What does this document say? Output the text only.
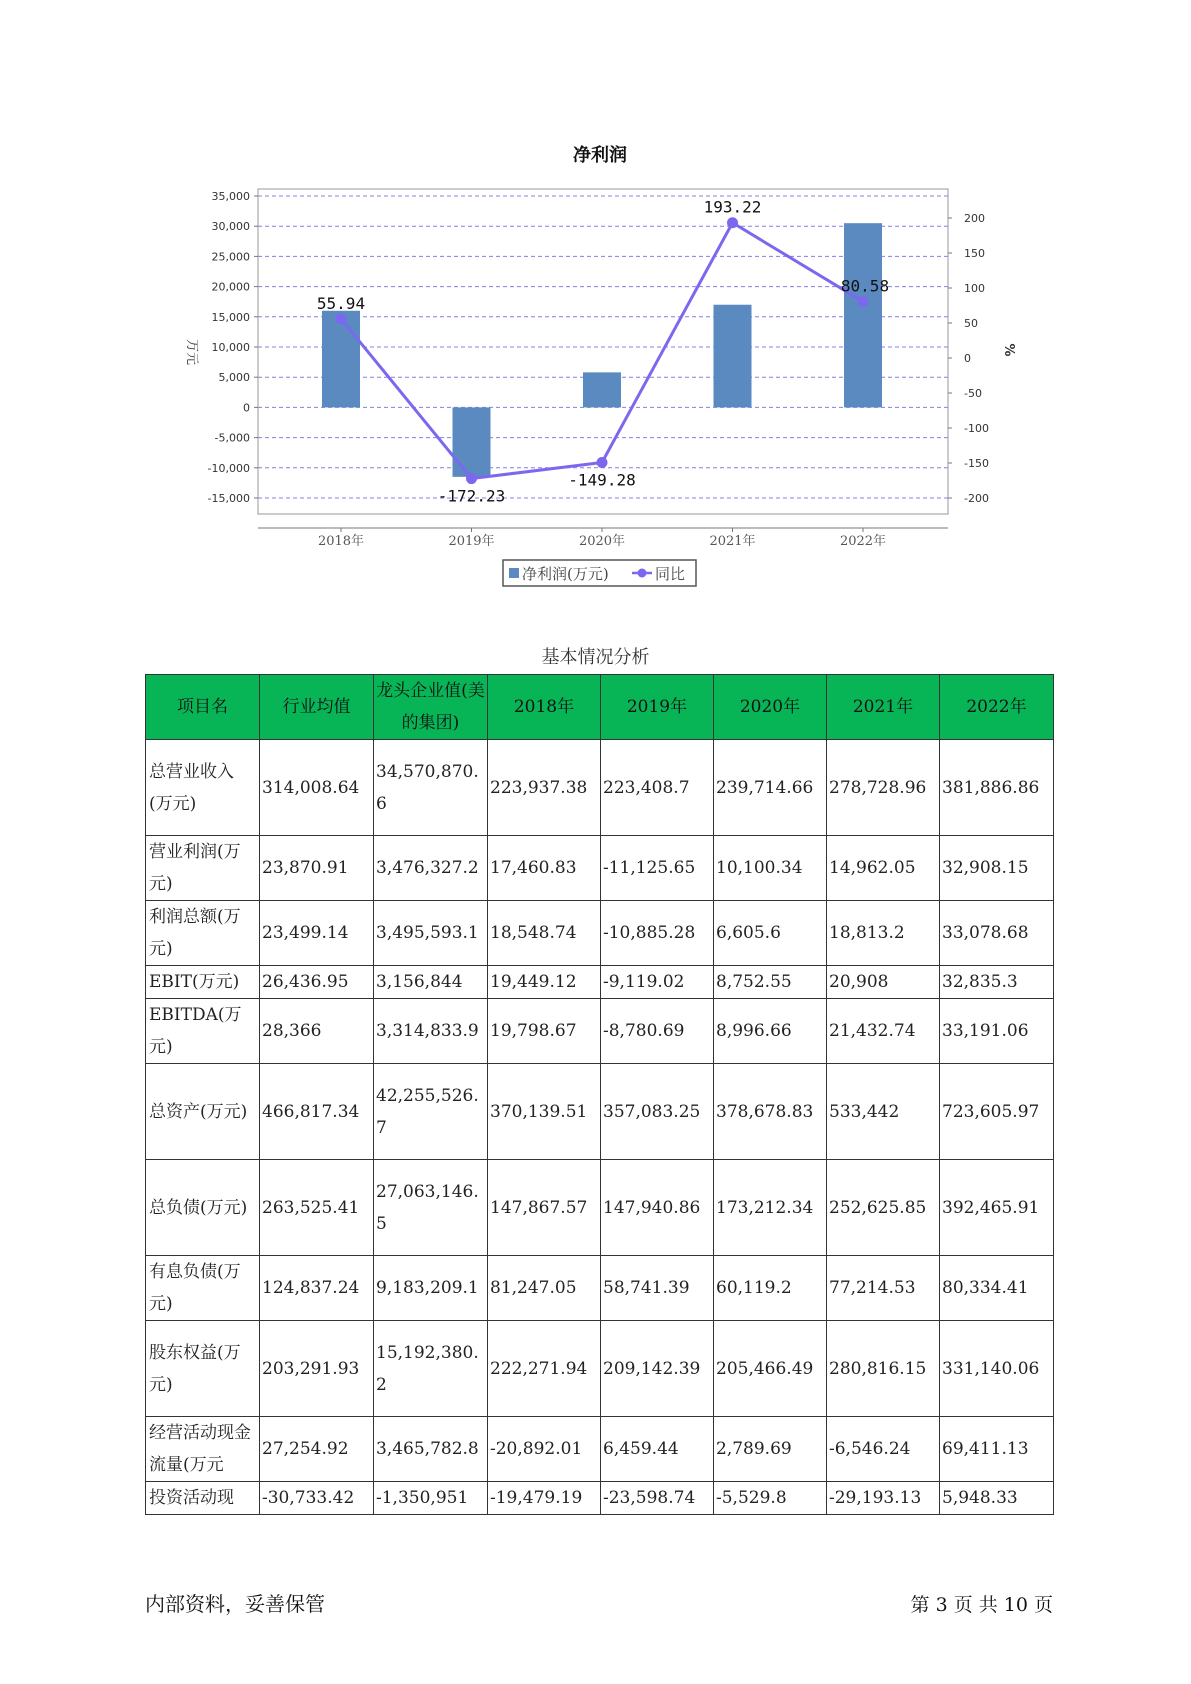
净利润
55.94
-172.23
-149.28
193.22
80.58
35,000
30,000
25,000
20,000
15,000
10,000
5,000
0
-5,000
-10,000
-15,000
200
150
100
50
0
-50
-100
-150
-200
2018年	2019年	2020年	2021年	2022年
万元	%
净利润(万元)	同比
基本情况分析
项目名	行业均值	龙头企业值(美的集团)	2018年	2019年	2020年	2021年	2022年
总营业收入(万元)	314,008.64	34,570,870.6	223,937.38	223,408.7	239,714.66	278,728.96	381,886.86
营业利润(万元)	23,870.91	3,476,327.2	17,460.83	-11,125.65	10,100.34	14,962.05	32,908.15
利润总额(万元)	23,499.14	3,495,593.1	18,548.74	-10,885.28	6,605.6	18,813.2	33,078.68
EBIT(万元)	26,436.95	3,156,844	19,449.12	-9,119.02	8,752.55	20,908	32,835.3
EBITDA(万元)	28,366	3,314,833.9	19,798.67	-8,780.69	8,996.66	21,432.74	33,191.06
总资产(万元)	466,817.34	42,255,526.7	370,139.51	357,083.25	378,678.83	533,442	723,605.97
总负债(万元)	263,525.41	27,063,146.5	147,867.57	147,940.86	173,212.34	252,625.85	392,465.91
有息负债(万元)	124,837.24	9,183,209.1	81,247.05	58,741.39	60,119.2	77,214.53	80,334.41
股东权益(万元)	203,291.93	15,192,380.2	222,271.94	209,142.39	205,466.49	280,816.15	331,140.06
经营活动现金流量(万元	27,254.92	3,465,782.8	-20,892.01	6,459.44	2,789.69	-6,546.24	69,411.13
投资活动现	-30,733.42	-1,350,951	-19,479.19	-23,598.74	-5,529.8	-29,193.13	5,948.33
内部资料，妥善保管	第 3 页 共 10 页
